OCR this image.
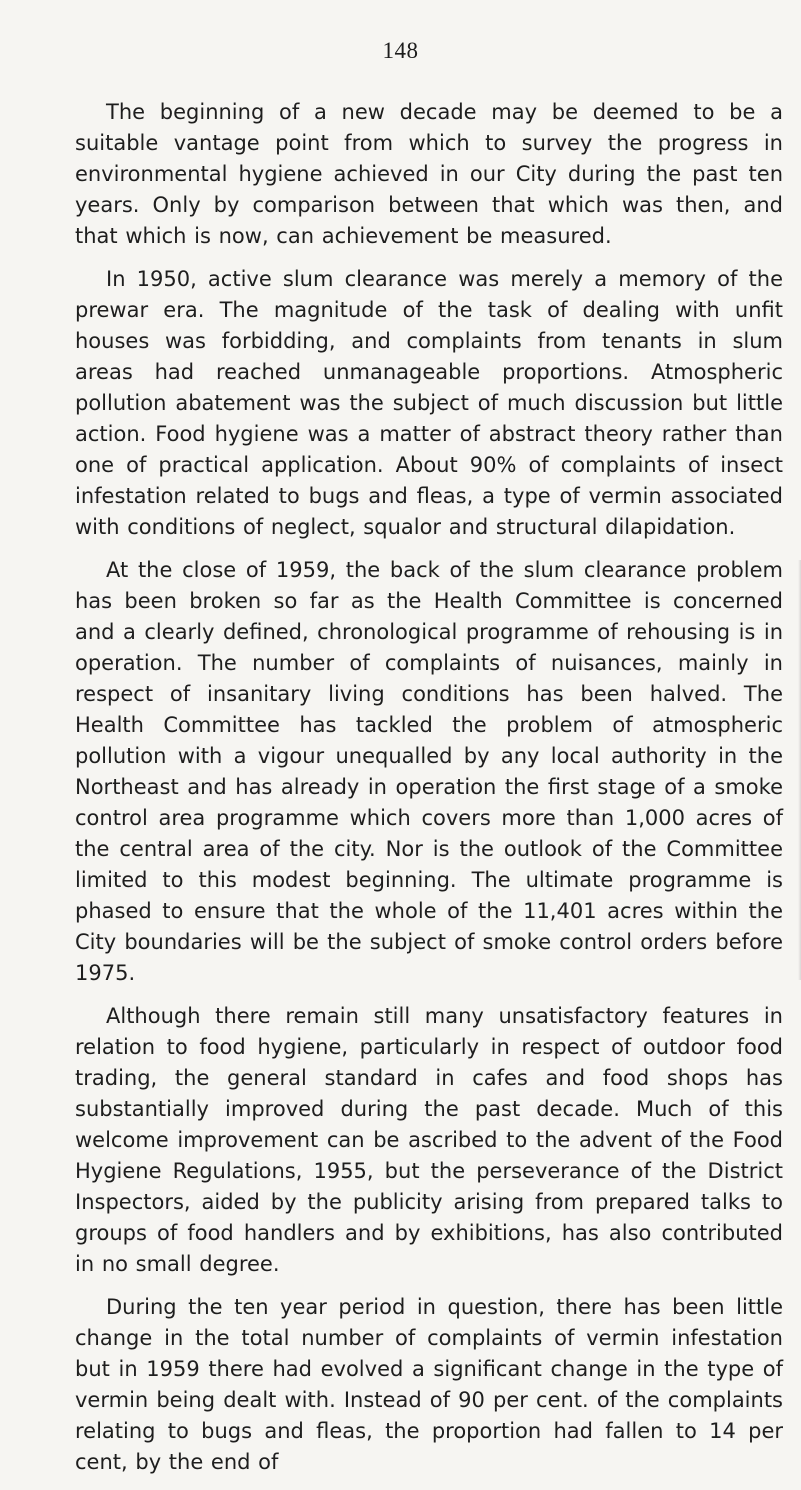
148

The beginning of a new decade may be deemed to be a suitable vantage point from which to survey the progress in environmental hygiene achieved in our City during the past ten years. Only by comparison between that which was then, and that which is now, can achievement be measured.

In 1950, active slum clearance was merely a memory of the prewar era. The magnitude of the task of dealing with unfit houses was forbidding, and complaints from tenants in slum areas had reached unmanageable proportions. Atmospheric pollution abatement was the subject of much discussion but little action. Food hygiene was a matter of abstract theory rather than one of practical application. About 90% of complaints of insect infestation related to bugs and fleas, a type of vermin associated with conditions of neglect, squalor and structural dilapidation.

At the close of 1959, the back of the slum clearance problem has been broken so far as the Health Committee is concerned and a clearly defined, chronological programme of rehousing is in operation. The number of complaints of nuisances, mainly in respect of insanitary living conditions has been halved. The Health Committee has tackled the problem of atmospheric pollution with a vigour unequalled by any local authority in the Northeast and has already in operation the first stage of a smoke control area programme which covers more than 1,000 acres of the central area of the city. Nor is the outlook of the Committee limited to this modest beginning. The ultimate programme is phased to ensure that the whole of the 11,401 acres within the City boundaries will be the subject of smoke control orders before 1975.

Although there remain still many unsatisfactory features in relation to food hygiene, particularly in respect of outdoor food trading, the general standard in cafes and food shops has substantially improved during the past decade. Much of this welcome improvement can be ascribed to the advent of the Food Hygiene Regulations, 1955, but the perseverance of the District Inspectors, aided by the publicity arising from prepared talks to groups of food handlers and by exhibitions, has also contributed in no small degree.

During the ten year period in question, there has been little change in the total number of complaints of vermin infestation but in 1959 there had evolved a significant change in the type of vermin being dealt with. Instead of 90 per cent. of the complaints relating to bugs and fleas, the proportion had fallen to 14 per cent, by the end of
